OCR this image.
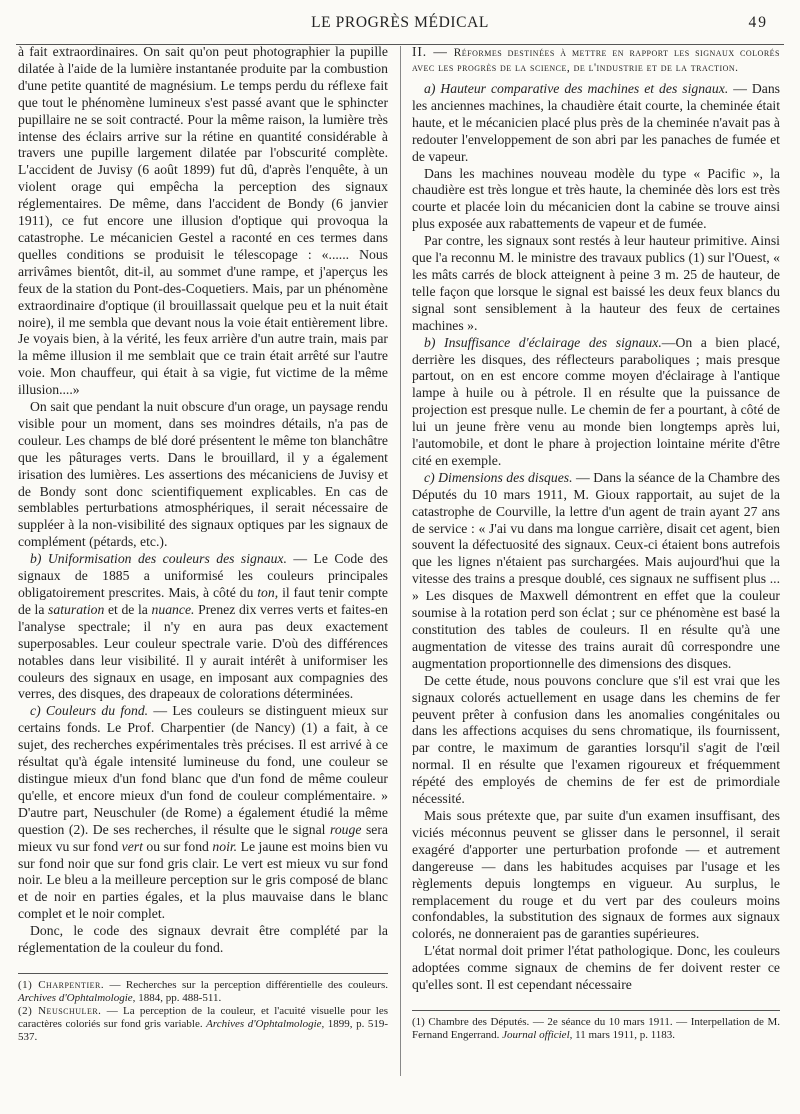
LE PROGRÈS MÉDICAL	49

à fait extraordinaires. On sait qu'on peut photographier la pupille dilatée à l'aide de la lumière instantanée produite par la combustion d'une petite quantité de magnésium. Le temps perdu du réflexe fait que tout le phénomène lumineux s'est passé avant que le sphincter pupillaire ne se soit contracté. Pour la même raison, la lumière très intense des éclairs arrive sur la rétine en quantité considérable à travers une pupille largement dilatée par l'obscurité complète. L'accident de Juvisy (6 août 1899) fut dû, d'après l'enquête, à un violent orage qui empêcha la perception des signaux réglementaires. De même, dans l'accident de Bondy (6 janvier 1911), ce fut encore une illusion d'optique qui provoqua la catastrophe. Le mécanicien Gestel a raconté en ces termes dans quelles conditions se produisit le télescopage : «...... Nous arrivâmes bientôt, dit-il, au sommet d'une rampe, et j'aperçus les feux de la station du Pont-des-Coquetiers. Mais, par un phénomène extraordinaire d'optique (il brouillassait quelque peu et la nuit était noire), il me sembla que devant nous la voie était entièrement libre. Je voyais bien, à la vérité, les feux arrière d'un autre train, mais par la même illusion il me semblait que ce train était arrêté sur l'autre voie. Mon chauffeur, qui était à sa vigie, fut victime de la même illusion....»

On sait que pendant la nuit obscure d'un orage, un paysage rendu visible pour un moment, dans ses moindres détails, n'a pas de couleur. Les champs de blé doré présentent le même ton blanchâtre que les pâturages verts. Dans le brouillard, il y a également irisation des lumières. Les assertions des mécaniciens de Juvisy et de Bondy sont donc scientifiquement explicables. En cas de semblables perturbations atmosphériques, il serait nécessaire de suppléer à la non-visibilité des signaux optiques par les signaux de complément (pétards, etc.).

b) Uniformisation des couleurs des signaux. — Le Code des signaux de 1885 a uniformisé les couleurs principales obligatoirement prescrites. Mais, à côté du ton, il faut tenir compte de la saturation et de la nuance. Prenez dix verres verts et faites-en l'analyse spectrale; il n'y en aura pas deux exactement superposables. Leur couleur spectrale varie. D'où des différences notables dans leur visibilité. Il y aurait intérêt à uniformiser les couleurs des signaux en usage, en imposant aux compagnies des verres, des disques, des drapeaux de colorations déterminées.

c) Couleurs du fond. — Les couleurs se distinguent mieux sur certains fonds. Le Prof. Charpentier (de Nancy) (1) a fait, à ce sujet, des recherches expérimentales très précises. Il est arrivé à ce résultat qu'à égale intensité lumineuse du fond, une couleur se distingue mieux d'un fond blanc que d'un fond de même couleur qu'elle, et encore mieux d'un fond de couleur complémentaire. » D'autre part, Neuschuler (de Rome) a également étudié la même question (2). De ses recherches, il résulte que le signal rouge sera mieux vu sur fond vert ou sur fond noir. Le jaune est moins bien vu sur fond noir que sur fond gris clair. Le vert est mieux vu sur fond noir. Le bleu a la meilleure perception sur le gris composé de blanc et de noir en parties égales, et la plus mauvaise dans le blanc complet et le noir complet.

Donc, le code des signaux devrait être complété par la réglementation de la couleur du fond.

(1) Charpentier. — Recherches sur la perception différentielle des couleurs. Archives d'Ophtalmologie, 1884, pp. 488-511.

(2) Neuschuler. — La perception de la couleur, et l'acuité visuelle pour les caractères coloriés sur fond gris variable. Archives d'Ophtalmologie, 1899, p. 519-537.

II. — Réformes destinées à mettre en rapport les signaux colorés avec les progrès de la science, de l'industrie et de la traction.

a) Hauteur comparative des machines et des signaux. — Dans les anciennes machines, la chaudière était courte, la cheminée était haute, et le mécanicien placé plus près de la cheminée n'avait pas à redouter l'enveloppement de son abri par les panaches de fumée et de vapeur.

Dans les machines nouveau modèle du type « Pacific », la chaudière est très longue et très haute, la cheminée dès lors est très courte et placée loin du mécanicien dont la cabine se trouve ainsi plus exposée aux rabattements de vapeur et de fumée.

Par contre, les signaux sont restés à leur hauteur primitive. Ainsi que l'a reconnu M. le ministre des travaux publics (1) sur l'Ouest, « les mâts carrés de block atteignent à peine 3 m. 25 de hauteur, de telle façon que lorsque le signal est baissé les deux feux blancs du signal sont sensiblement à la hauteur des feux de certaines machines ».

b) Insuffisance d'éclairage des signaux.—On a bien placé, derrière les disques, des réflecteurs paraboliques ; mais presque partout, on en est encore comme moyen d'éclairage à l'antique lampe à huile ou à pétrole. Il en résulte que la puissance de projection est presque nulle. Le chemin de fer a pourtant, à côté de lui un jeune frère venu au monde bien longtemps après lui, l'automobile, et dont le phare à projection lointaine mérite d'être cité en exemple.

c) Dimensions des disques. — Dans la séance de la Chambre des Députés du 10 mars 1911, M. Gioux rapportait, au sujet de la catastrophe de Courville, la lettre d'un agent de train ayant 27 ans de service : « J'ai vu dans ma longue carrière, disait cet agent, bien souvent la défectuosité des signaux. Ceux-ci étaient bons autrefois que les lignes n'étaient pas surchargées. Mais aujourd'hui que la vitesse des trains a presque doublé, ces signaux ne suffisent plus ... » Les disques de Maxwell démontrent en effet que la couleur soumise à la rotation perd son éclat ; sur ce phénomène est basé la constitution des tables de couleurs. Il en résulte qu'à une augmentation de vitesse des trains aurait dû correspondre une augmentation proportionnelle des dimensions des disques.

De cette étude, nous pouvons conclure que s'il est vrai que les signaux colorés actuellement en usage dans les chemins de fer peuvent prêter à confusion dans les anomalies congénitales ou dans les affections acquises du sens chromatique, ils fournissent, par contre, le maximum de garanties lorsqu'il s'agit de l'œil normal. Il en résulte que l'examen rigoureux et fréquemment répété des employés de chemins de fer est de primordiale nécessité.

Mais sous prétexte que, par suite d'un examen insuffisant, des viciés méconnus peuvent se glisser dans le personnel, il serait exagéré d'apporter une perturbation profonde — et autrement dangereuse — dans les habitudes acquises par l'usage et les règlements depuis longtemps en vigueur. Au surplus, le remplacement du rouge et du vert par des couleurs moins confondables, la substitution des signaux de formes aux signaux colorés, ne donneraient pas de garanties supérieures.

L'état normal doit primer l'état pathologique. Donc, les couleurs adoptées comme signaux de chemins de fer doivent rester ce qu'elles sont. Il est cependant nécessaire

(1) Chambre des Députés. — 2e séance du 10 mars 1911. — Interpellation de M. Fernand Engerrand. Journal officiel, 11 mars 1911, p. 1183.
